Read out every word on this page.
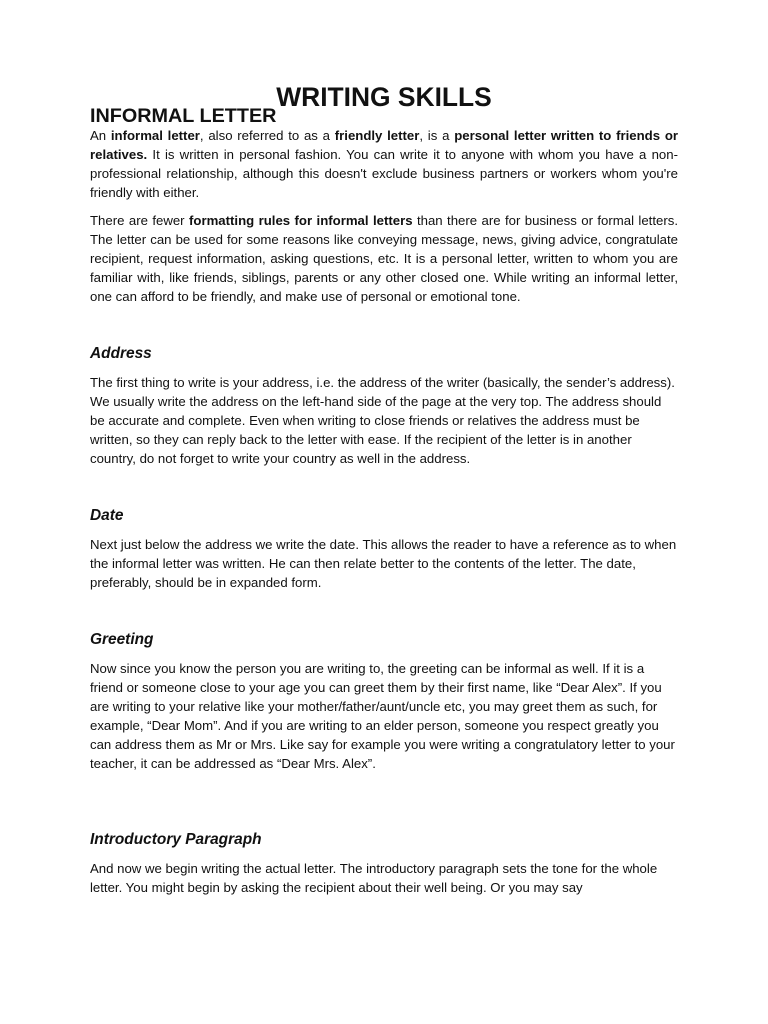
WRITING SKILLS
INFORMAL LETTER

An informal letter, also referred to as a friendly letter, is a personal letter written to friends or relatives. It is written in personal fashion. You can write it to anyone with whom you have a non-professional relationship, although this doesn't exclude business partners or workers whom you're friendly with either.

There are fewer formatting rules for informal letters than there are for business or formal letters. The letter can be used for some reasons like conveying message, news, giving advice, congratulate recipient, request information, asking questions, etc. It is a personal letter, written to whom you are familiar with, like friends, siblings, parents or any other closed one. While writing an informal letter, one can afford to be friendly, and make use of personal or emotional tone.

Address

The first thing to write is your address, i.e. the address of the writer (basically, the sender’s address). We usually write the address on the left-hand side of the page at the very top. The address should be accurate and complete. Even when writing to close friends or relatives the address must be written, so they can reply back to the letter with ease. If the recipient of the letter is in another country, do not forget to write your country as well in the address.

Date

Next just below the address we write the date. This allows the reader to have a reference as to when the informal letter was written. He can then relate better to the contents of the letter. The date, preferably, should be in expanded form.

Greeting

Now since you know the person you are writing to, the greeting can be informal as well. If it is a friend or someone close to your age you can greet them by their first name, like “Dear Alex”. If you are writing to your relative like your mother/father/aunt/uncle etc, you may greet them as such, for example, “Dear Mom”. And if you are writing to an elder person, someone you respect greatly you can address them as Mr or Mrs. Like say for example you were writing a congratulatory letter to your teacher, it can be addressed as “Dear Mrs. Alex”.

Introductory Paragraph

And now we begin writing the actual letter. The introductory paragraph sets the tone for the whole letter. You might begin by asking the recipient about their well being. Or you may say
